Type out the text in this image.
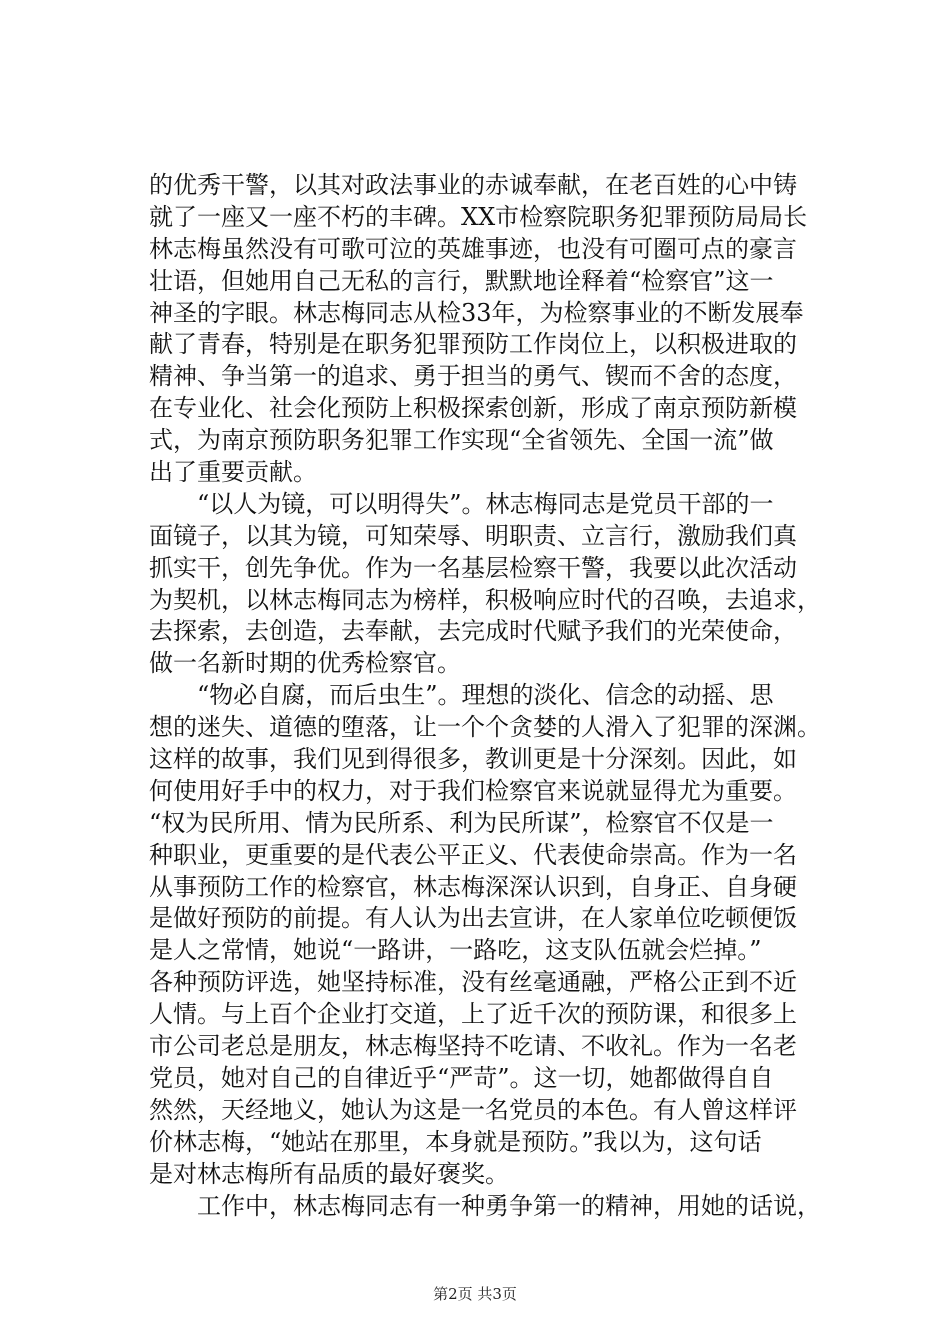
的优秀干警，以其对政法事业的赤诚奉献，在老百姓的心中铸
就了一座又一座不朽的丰碑。XX市检察院职务犯罪预防局局长
林志梅虽然没有可歌可泣的英雄事迹，也没有可圈可点的豪言
壮语，但她用自己无私的言行，默默地诠释着“检察官”这一
神圣的字眼。林志梅同志从检33年，为检察事业的不断发展奉
献了青春，特别是在职务犯罪预防工作岗位上，以积极进取的
精神、争当第一的追求、勇于担当的勇气、锲而不舍的态度，
在专业化、社会化预防上积极探索创新，形成了南京预防新模
式，为南京预防职务犯罪工作实现“全省领先、全国一流”做
出了重要贡献。
　　“以人为镜，可以明得失”。林志梅同志是党员干部的一
面镜子，以其为镜，可知荣辱、明职责、立言行，激励我们真
抓实干，创先争优。作为一名基层检察干警，我要以此次活动
为契机，以林志梅同志为榜样，积极响应时代的召唤，去追求，
去探索，去创造，去奉献，去完成时代赋予我们的光荣使命，
做一名新时期的优秀检察官。
　　“物必自腐，而后虫生”。理想的淡化、信念的动摇、思
想的迷失、道德的堕落，让一个个贪婪的人滑入了犯罪的深渊。
这样的故事，我们见到得很多，教训更是十分深刻。因此，如
何使用好手中的权力，对于我们检察官来说就显得尤为重要。
“权为民所用、情为民所系、利为民所谋”，检察官不仅是一
种职业，更重要的是代表公平正义、代表使命崇高。作为一名
从事预防工作的检察官，林志梅深深认识到，自身正、自身硬
是做好预防的前提。有人认为出去宣讲，在人家单位吃顿便饭
是人之常情，她说“一路讲，一路吃，这支队伍就会烂掉。”
各种预防评选，她坚持标准，没有丝毫通融，严格公正到不近
人情。与上百个企业打交道，上了近千次的预防课，和很多上
市公司老总是朋友，林志梅坚持不吃请、不收礼。作为一名老
党员，她对自己的自律近乎“严苛”。这一切，她都做得自自
然然，天经地义，她认为这是一名党员的本色。有人曾这样评
价林志梅，“她站在那里，本身就是预防。”我以为，这句话
是对林志梅所有品质的最好褒奖。
　　工作中，林志梅同志有一种勇争第一的精神，用她的话说，
第2页 共3页
